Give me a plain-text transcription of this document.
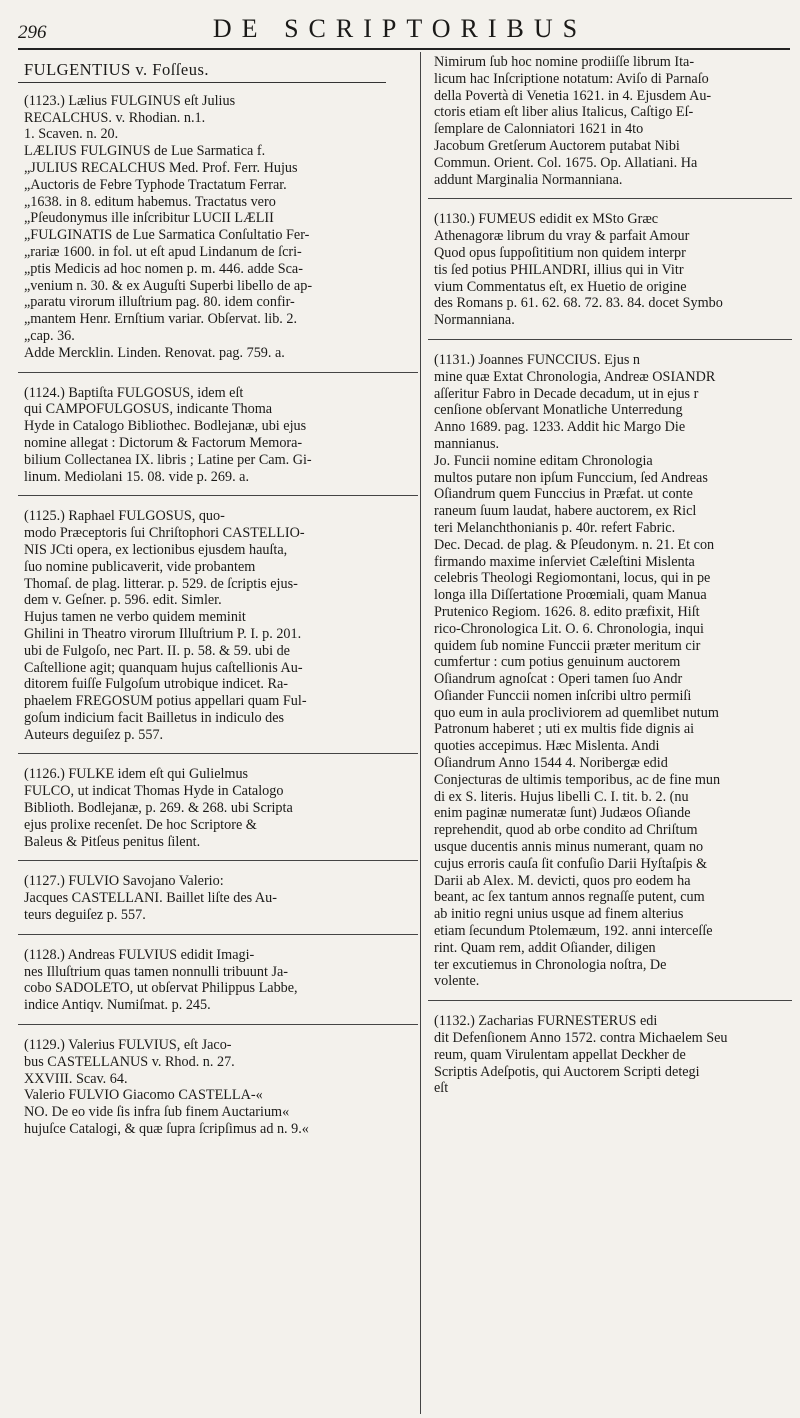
296	DE SCRIPTORIBUS
FULGENTIUS v. Foſſeus.

(1123.) Lælius FULGINUS eſt Julius

RECALCHUS. v. Rhodian. n.1.

1. Scaven. n. 20.

LÆLIUS FULGINUS de Lue Sarmatica f.

„JULIUS RECALCHUS Med. Prof. Ferr. Hujus

„Auctoris de Febre Typhode Tractatum Ferrar.

„1638. in 8. editum habemus. Tractatus vero

„Pſeudonymus ille inſcribitur LUCII LÆLII

„FULGINATIS de Lue Sarmatica Conſultatio Fer-

„rariæ 1600. in fol. ut eſt apud Lindanum de ſcri-

„ptis Medicis ad hoc nomen p. m. 446. adde Sca-

„venium n. 30. & ex Auguſti Superbi libello de ap-

„paratu virorum illuſtrium pag. 80. idem confir-

„mantem Henr. Ernſtium variar. Obſervat. lib. 2.

„cap. 36.

Adde Mercklin. Linden. Renovat. pag. 759. a.

(1124.) Baptiſta FULGOSUS, idem eſt

qui CAMPOFULGOSUS, indicante Thoma

Hyde in Catalogo Bibliothec. Bodlejanæ, ubi ejus

nomine allegat : Dictorum & Factorum Memora-

bilium Collectanea IX. libris ; Latine per Cam. Gi-

linum. Mediolani 15. 08. vide p. 269. a.

(1125.) Raphael FULGOSUS, quo-

modo Præceptoris ſui Chriſtophori CASTELLIO-

NIS JCti opera, ex lectionibus ejusdem hauſta,

ſuo nomine publicaverit, vide probantem

Thomaſ. de plag. litterar. p. 529. de ſcriptis ejus-

dem v. Geſner. p. 596. edit. Simler.

Hujus tamen ne verbo quidem meminit

Ghilini in Theatro virorum Illuſtrium P. I. p. 201.

ubi de Fulgoſo, nec Part. II. p. 58. & 59. ubi de

Caſtellione agit; quanquam hujus caſtellionis Au-

ditorem fuiſſe Fulgoſum utrobique indicet. Ra-

phaelem FREGOSUM potius appellari quam Ful-

goſum indicium facit Bailletus in indiculo des

Auteurs deguiſez p. 557.

(1126.) FULKE idem eſt qui Gulielmus

FULCO, ut indicat Thomas Hyde in Catalogo

Biblioth. Bodlejanæ, p. 269. & 268. ubi Scripta

ejus prolixe recenſet. De hoc Scriptore &

Baleus & Pitſeus penitus ſilent.

(1127.) FULVIO Savojano Valerio:

Jacques CASTELLANI. Baillet liſte des Au-

teurs deguiſez p. 557.

(1128.) Andreas FULVIUS edidit Imagi-

nes Illuſtrium quas tamen nonnulli tribuunt Ja-

cobo SADOLETO, ut obſervat Philippus Labbe,

indice Antiqv. Numiſmat. p. 245.

(1129.) Valerius FULVIUS, eſt Jaco-

bus CASTELLANUS v. Rhod. n. 27.

XXVIII. Scav. 64.

Valerio FULVIO Giacomo CASTELLA-«

NO. De eo vide ſis infra ſub finem Auctarium«

hujuſce Catalogi, & quæ ſupra ſcripſimus ad n. 9.«

Nimirum ſub hoc nomine prodiiſſe librum Ita-

licum hac Inſcriptione notatum: Aviſo di Parnaſo

della Povertà di Venetia 1621. in 4. Ejusdem Au-

ctoris etiam eſt liber alius Italicus, Caſtigo Eſ-

ſemplare de Calonniatori 1621 in 4to

Jacobum Gretſerum Auctorem putabat Nibi

Commun. Orient. Col. 1675. Op. Allatiani. Ha

addunt Marginalia Normanniana.

(1130.) FUMEUS edidit ex MSto Græc

Athenagoræ librum du vray & parfait Amour

Quod opus ſuppoſititium non quidem interpr

tis ſed potius PHILANDRI, illius qui in Vitr

vium Commentatus eſt, ex Huetio de origine

des Romans p. 61. 62. 68. 72. 83. 84. docet Symbo

Normanniana.

(1131.) Joannes FUNCCIUS. Ejus n

mine quæ Extat Chronologia, Andreæ OSIANDR

aſſeritur Fabro in Decade decadum, ut in ejus r

cenſione obſervant Monatliche Unterredung

Anno 1689. pag. 1233. Addit hic Margo Die

mannianus.

Jo. Funcii nomine editam Chronologia

multos putare non ipſum Funccium, ſed Andreas

Oſiandrum quem Funccius in Præfat. ut conte

raneum ſuum laudat, habere auctorem, ex Ricl

teri Melanchthonianis p. 40r. refert Fabric.

Dec. Decad. de plag. & Pſeudonym. n. 21. Et con

firmando maxime inſerviet Cæleſtini Mislenta

celebris Theologi Regiomontani, locus, qui in pe

longa illa Diſſertatione Proœmiali, quam Manua

Prutenico Regiom. 1626. 8. edito præfixit, Hiſt

rico-Chronologica Lit. O. 6. Chronologia, inqui

quidem ſub nomine Funccii præter meritum cir

cumfertur : cum potius genuinum auctorem

Oſiandrum agnoſcat : Operi tamen ſuo Andr

Oſiander Funccii nomen inſcribi ultro permiſi

quo eum in aula procliviorem ad quemlibet nutum

Patronum haberet ; uti ex multis fide dignis ai

quoties accepimus. Hæc Mislenta. Andi

Oſiandrum Anno 1544 4. Noribergæ edid

Conjecturas de ultimis temporibus, ac de fine mun

di ex S. literis. Hujus libelli C. I. tit. b. 2. (nu

enim paginæ numeratæ ſunt) Judæos Oſiande

reprehendit, quod ab orbe condito ad Chriſtum

usque ducentis annis minus numerant, quam no

cujus erroris cauſa ſit confuſio Darii Hyſtaſpis &

Darii ab Alex. M. devicti, quos pro eodem ha

beant, ac ſex tantum annos regnaſſe putent, cum

ab initio regni unius usque ad finem alterius

etiam ſecundum Ptolemæum, 192. anni interceſſe

rint. Quam rem, addit Oſiander, diligen

ter excutiemus in Chronologia noſtra, De

volente.

(1132.) Zacharias FURNESTERUS edi

dit Defenſionem Anno 1572. contra Michaelem Seu

reum, quam Virulentam appellat Deckher de

Scriptis Adeſpotis, qui Auctorem Scripti detegi

eſt
